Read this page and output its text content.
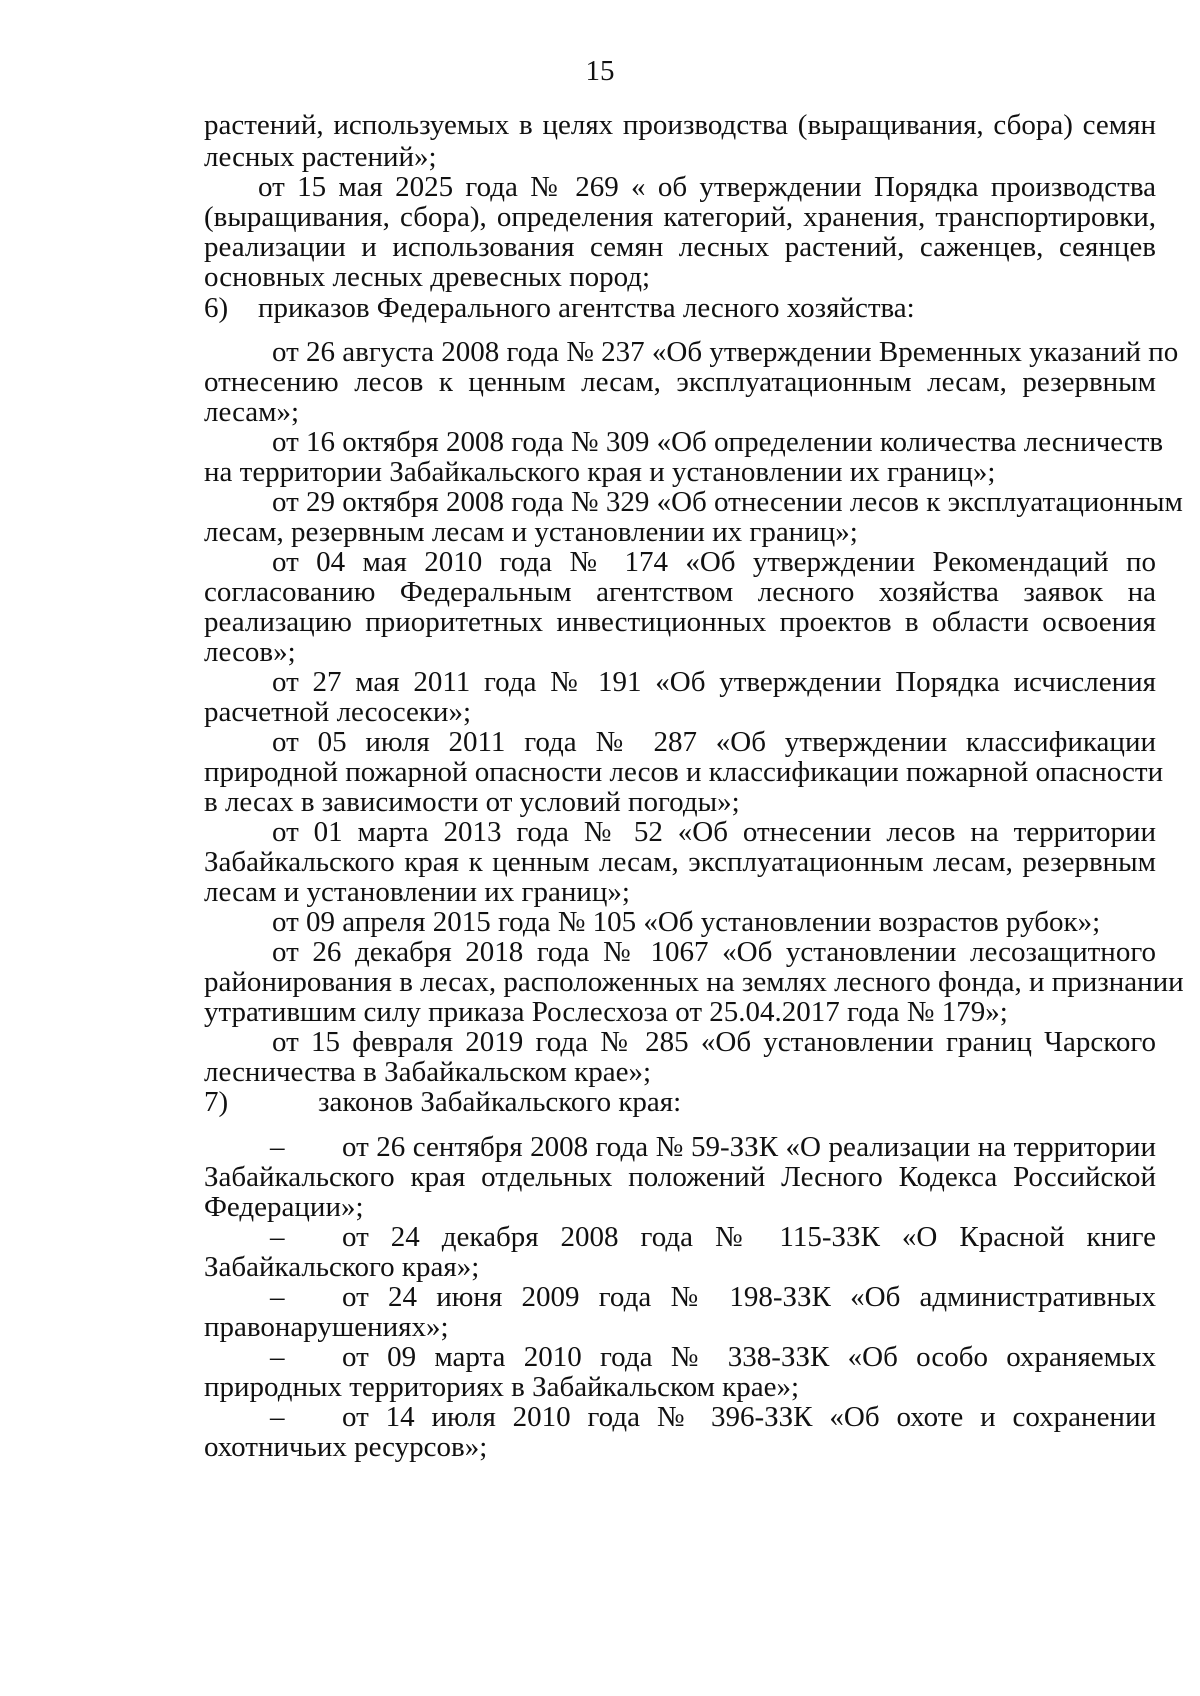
15
растений, используемых в целях производства (выращивания, сбора) семян
лесных растений»;
от 15 мая 2025 года № 269 « об утверждении Порядка производства
(выращивания, сбора), определения категорий, хранения, транспортировки,
реализации и использования семян лесных растений, саженцев, сеянцев
основных лесных древесных пород;
6)	приказов Федерального агентства лесного хозяйства:
от 26 августа 2008 года № 237 «Об утверждении Временных указаний по
отнесению лесов к ценным лесам, эксплуатационным лесам, резервным
лесам»;
от 16 октября 2008 года № 309 «Об определении количества лесничеств
на территории Забайкальского края и установлении их границ»;
от 29 октября 2008 года № 329 «Об отнесении лесов к эксплуатационным
лесам, резервным лесам и установлении их границ»;
от 04 мая 2010 года № 174 «Об утверждении Рекомендаций по
согласованию Федеральным агентством лесного хозяйства заявок на
реализацию приоритетных инвестиционных проектов в области освоения
лесов»;
от 27 мая 2011 года № 191 «Об утверждении Порядка исчисления
расчетной лесосеки»;
от 05 июля 2011 года № 287 «Об утверждении классификации
природной пожарной опасности лесов и классификации пожарной опасности
в лесах в зависимости от условий погоды»;
от 01 марта 2013 года № 52 «Об отнесении лесов на территории
Забайкальского края к ценным лесам, эксплуатационным лесам, резервным
лесам и установлении их границ»;
от 09 апреля 2015 года № 105 «Об установлении возрастов рубок»;
от 26 декабря 2018 года № 1067 «Об установлении лесозащитного
районирования в лесах, расположенных на землях лесного фонда, и признании
утратившим силу приказа Рослесхоза от 25.04.2017 года № 179»;
от 15 февраля 2019 года № 285 «Об установлении границ Чарского
лесничества в Забайкальском крае»;
7)	законов Забайкальского края:
–	от 26 сентября 2008 года № 59-ЗЗК «О реализации на территории
Забайкальского края отдельных положений Лесного Кодекса Российской
Федерации»;
–	от 24 декабря 2008 года № 115-ЗЗК «О Красной книге
Забайкальского края»;
–	от 24 июня 2009 года № 198-ЗЗК «Об административных
правонарушениях»;
–	от 09 марта 2010 года № 338-ЗЗК «Об особо охраняемых
природных территориях в Забайкальском крае»;
–	от 14 июля 2010 года № 396-ЗЗК «Об охоте и сохранении
охотничьих ресурсов»;
